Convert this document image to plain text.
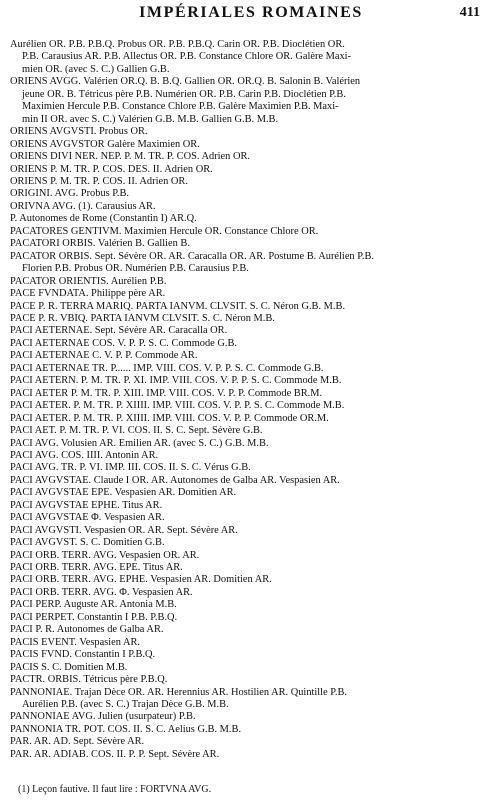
IMPÉRIALES ROMAINES	411
Aurélien OR. P.B. P.B.Q. Probus OR. P.B. P.B.Q. Carin OR. P.B. Dioclétien OR.
P.B. Carausius AR. P.B. Allectus OR. P.B. Constance Chlore OR. Galère Maxi-
mien OR. (avec S. C.) Gallien G.B.
ORIENS AVGG. Valérien OR.Q. B. B.Q. Gallien OR. OR.Q. B. Salonin B. Valérien
jeune OR. B. Tétricus père P.B. Numérien OR. P.B. Carin P.B. Dioclétien P.B.
Maximien Hercule P.B. Constance Chlore P.B. Galère Maximien P.B. Maxi-
min II OR. avec S. C.) Valérien G.B. M.B. Gallien G.B. M.B.
ORIENS AVGVSTI. Probus OR.
ORIENS AVGVSTOR Galère Maximien OR.
ORIENS DIVI NER. NEP. P. M. TR. P. COS. Adrien OR.
ORIENS P. M. TR. P. COS. DES. II. Adrien OR.
ORIENS P. M. TR. P. COS. II. Adrien OR.
ORIGINI. AVG. Probus P.B.
ORIVNA AVG. (1). Carausius AR.
P. Autonomes de Rome (Constantin I) AR.Q.
PACATORES GENTIVM. Maximien Hercule OR. Constance Chlore OR.
PACATORI ORBIS. Valérien B. Gallien B.
PACATOR ORBIS. Sept. Sévère OR. AR. Caracalla OR. AR. Postume B. Aurélien P.B.
Florien P.B. Probus OR. Numérien P.B. Carausius P.B.
PACATOR ORIENTIS. Aurélien P.B.
PACE FVNDATA. Philippe père AR.
PACE P. R. TERRA MARIQ. PARTA IANVM. CLVSIT. S. C. Néron G.B. M.B.
PACE P. R. VBIQ. PARTA IANVM CLVSIT. S. C. Néron M.B.
PACI AETERNAE. Sept. Sévère AR. Caracalla OR.
PACI AETERNAE COS. V. P. P. S. C. Commode G.B.
PACI AETERNAE C. V. P. P. Commode AR.
PACI AETERNAE TR. P...... IMP. VIII. COS. V. P. P. S. C. Commode G.B.
PACI AETERN. P. M. TR. P. XI. IMP. VIII. COS. V. P. P. S. C. Commode M.B.
PACI AETER P. M. TR. P. XIII. IMP. VIII. COS. V. P. P. Commode BR.M.
PACI AETER. P. M. TR. P. XIIII. IMP. VIII. COS. V. P. P. S. C. Commode M.B.
PACI AETER. P. M. TR. P. XIIII. IMP. VIII. COS. V. P. P. Commode OR.M.
PACI AET. P. M. TR. P. VI. COS. II. S. C. Sept. Sévère G.B.
PACI AVG. Volusien AR. Emilien AR. (avec S. C.) G.B. M.B.
PACI AVG. COS. IIII. Antonin AR.
PACI AVG. TR. P. VI. IMP. III. COS. II. S. C. Vérus G.B.
PACI AVGVSTAE. Claude I OR. AR. Autonomes de Galba AR. Vespasien AR.
PACI AVGVSTAE EPE. Vespasien AR. Domitien AR.
PACI AVGVSTAE EPHE. Titus AR.
PACI AVGVSTAE Φ. Vespasien AR.
PACI AVGVSTI. Vespasien OR. AR. Sept. Sévère AR.
PACI AVGVST. S. C. Domitien G.B.
PACI ORB. TERR. AVG. Vespasien OR. AR.
PACI ORB. TERR. AVG. EPE. Titus AR.
PACI ORB. TERR. AVG. EPHE. Vespasien AR. Domitien AR.
PACI ORB. TERR. AVG. Φ. Vespasien AR.
PACI PERP. Auguste AR. Antonia M.B.
PACI PERPET. Constantin I P.B. P.B.Q.
PACI P. R. Autonomes de Galba AR.
PACIS EVENT. Vespasien AR.
PACIS FVND. Constantin I P.B.Q.
PACIS S. C. Domitien M.B.
PACTR. ORBIS. Tétricus père P.B.Q.
PANNONIAE. Trajan Dèce OR. AR. Herennius AR. Hostilien AR. Quintille P.B.
Aurélien P.B. (avec S. C.) Trajan Dèce G.B. M.B.
PANNONIAE AVG. Julien (usurpateur) P.B.
PANNONIA TR. POT. COS. II. S. C. Aelius G.B. M.B.
PAR. AR. AD. Sept. Sévère AR.
PAR. AR. ADIAB. COS. II. P. P. Sept. Sévère AR.
(1) Leçon fautive. Il faut lire : FORTVNA AVG.
